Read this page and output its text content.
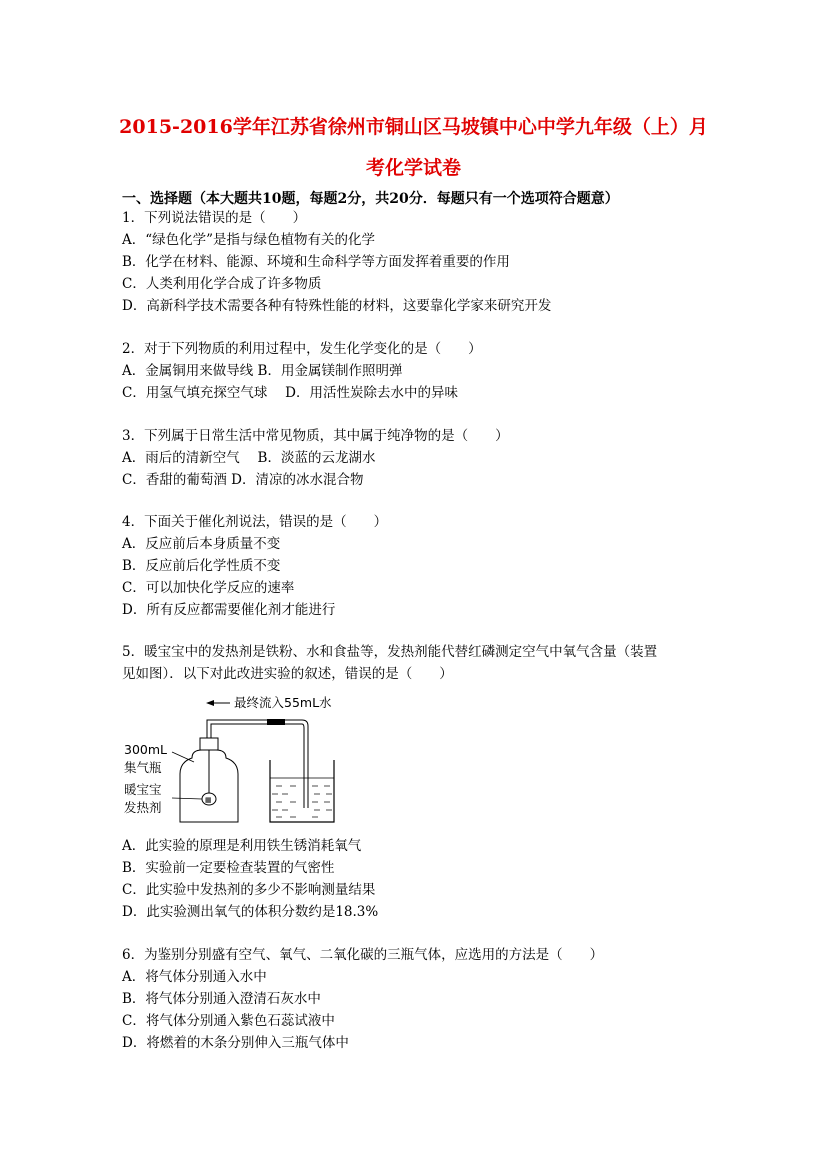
2015-2016学年江苏省徐州市铜山区马坡镇中心中学九年级（上）月
考化学试卷
一、选择题（本大题共10题，每题2分，共20分．每题只有一个选项符合题意）
1．下列说法错误的是（　　）
A．“绿色化学”是指与绿色植物有关的化学
B．化学在材料、能源、环境和生命科学等方面发挥着重要的作用
C．人类利用化学合成了许多物质
D．高新科学技术需要各种有特殊性能的材料，这要靠化学家来研究开发
2．对于下列物质的利用过程中，发生化学变化的是（　　）
A．金属铜用来做导线 B．用金属镁制作照明弹
C．用氢气填充探空气球　 D．用活性炭除去水中的异味
3．下列属于日常生活中常见物质，其中属于纯净物的是（　　）
A．雨后的清新空气　 B．淡蓝的云龙湖水
C．香甜的葡萄酒 D．清凉的冰水混合物
4．下面关于催化剂说法，错误的是（　　）
A．反应前后本身质量不变
B．反应前后化学性质不变
C．可以加快化学反应的速率
D．所有反应都需要催化剂才能进行
5．暖宝宝中的发热剂是铁粉、水和食盐等，发热剂能代替红磷测定空气中氧气含量（装置
见如图）．以下对此改进实验的叙述，错误的是（　　）
最终流入55mL水
▦
300mL
集气瓶
暖宝宝
发热剂
A．此实验的原理是利用铁生锈消耗氧气
B．实验前一定要检查装置的气密性
C．此实验中发热剂的多少不影响测量结果
D．此实验测出氧气的体积分数约是18.3%
6．为鉴别分别盛有空气、氧气、二氧化碳的三瓶气体，应选用的方法是（　　）
A．将气体分别通入水中
B．将气体分别通入澄清石灰水中
C．将气体分别通入紫色石蕊试液中
D．将燃着的木条分别伸入三瓶气体中
